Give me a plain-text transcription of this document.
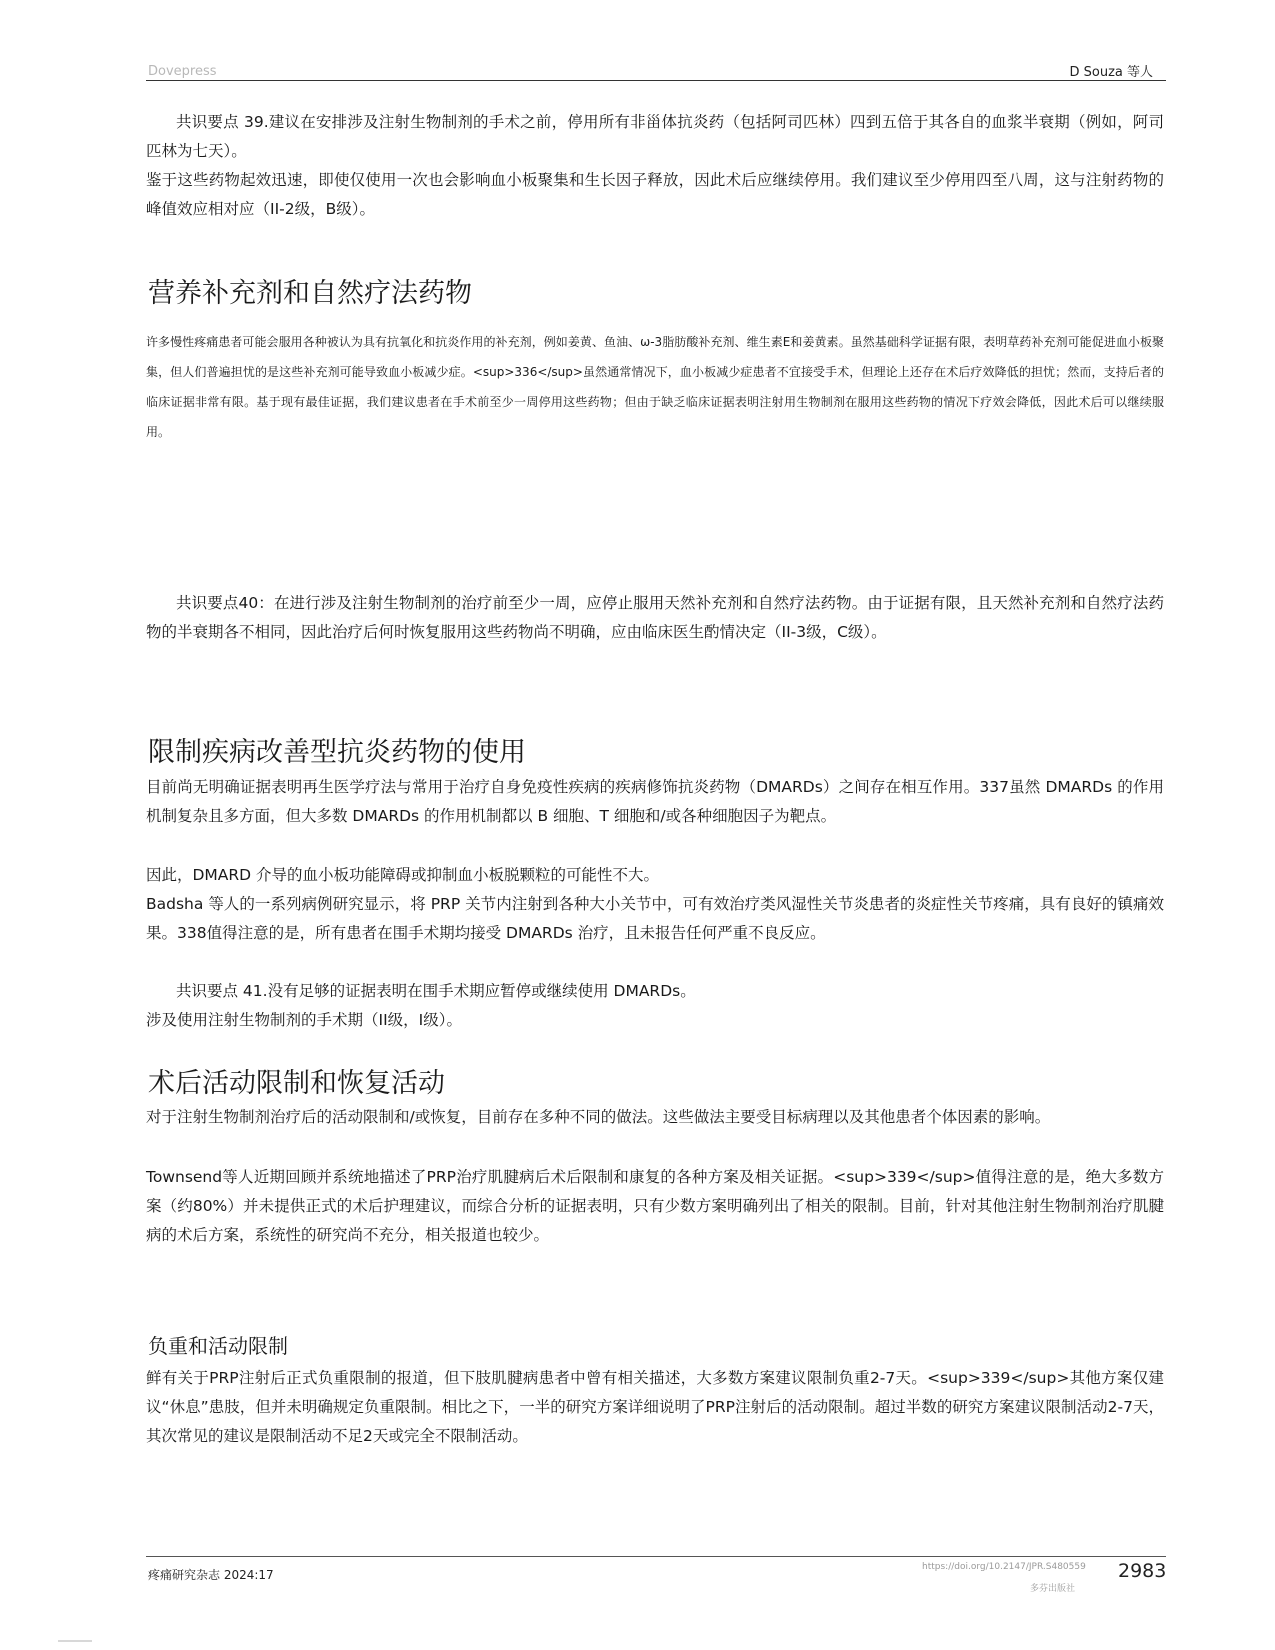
Dovepress	D Souza 等人

共识要点 39.建议在安排涉及注射生物制剂的手术之前，停用所有非甾体抗炎药（包括阿司匹林）四到五倍于其各自的血浆半衰期（例如，阿司匹林为七天）。

鉴于这些药物起效迅速，即使仅使用一次也会影响血小板聚集和生长因子释放，因此术后应继续停用。我们建议至少停用四至八周，这与注射药物的峰值效应相对应（II-2级，B级）。

营养补充剂和自然疗法药物

许多慢性疼痛患者可能会服用各种被认为具有抗氧化和抗炎作用的补充剂，例如姜黄、鱼油、ω-3脂肪酸补充剂、维生素E和姜黄素。虽然基础科学证据有限，表明草药补充剂可能促进血小板聚集，但人们普遍担忧的是这些补充剂可能导致血小板减少症。<sup>336</sup>虽然通常情况下，血小板减少症患者不宜接受手术，但理论上还存在术后疗效降低的担忧；然而，支持后者的临床证据非常有限。基于现有最佳证据，我们建议患者在手术前至少一周停用这些药物；但由于缺乏临床证据表明注射用生物制剂在服用这些药物的情况下疗效会降低，因此术后可以继续服用。

共识要点40：在进行涉及注射生物制剂的治疗前至少一周，应停止服用天然补充剂和自然疗法药物。由于证据有限，且天然补充剂和自然疗法药物的半衰期各不相同，因此治疗后何时恢复服用这些药物尚不明确，应由临床医生酌情决定（II-3级，C级）。

限制疾病改善型抗炎药物的使用

目前尚无明确证据表明再生医学疗法与常用于治疗自身免疫性疾病的疾病修饰抗炎药物（DMARDs）之间存在相互作用。337虽然 DMARDs 的作用机制复杂且多方面，但大多数 DMARDs 的作用机制都以 B 细胞、T 细胞和/或各种细胞因子为靶点。

因此，DMARD 介导的血小板功能障碍或抑制血小板脱颗粒的可能性不大。

Badsha 等人的一系列病例研究显示，将 PRP 关节内注射到各种大小关节中，可有效治疗类风湿性关节炎患者的炎症性关节疼痛，具有良好的镇痛效果。338值得注意的是，所有患者在围手术期均接受 DMARDs 治疗，且未报告任何严重不良反应。

共识要点 41.没有足够的证据表明在围手术期应暂停或继续使用 DMARDs。

涉及使用注射生物制剂的手术期（II级，I级）。

术后活动限制和恢复活动

对于注射生物制剂治疗后的活动限制和/或恢复，目前存在多种不同的做法。这些做法主要受目标病理以及其他患者个体因素的影响。

Townsend等人近期回顾并系统地描述了PRP治疗肌腱病后术后限制和康复的各种方案及相关证据。<sup>339</sup>值得注意的是，绝大多数方案（约80%）并未提供正式的术后护理建议，而综合分析的证据表明，只有少数方案明确列出了相关的限制。目前，针对其他注射生物制剂治疗肌腱病的术后方案，系统性的研究尚不充分，相关报道也较少。

负重和活动限制

鲜有关于PRP注射后正式负重限制的报道，但下肢肌腱病患者中曾有相关描述，大多数方案建议限制负重2-7天。<sup>339</sup>其他方案仅建议“休息”患肢，但并未明确规定负重限制。相比之下，一半的研究方案详细说明了PRP注射后的活动限制。超过半数的研究方案建议限制活动2-7天，其次常见的建议是限制活动不足2天或完全不限制活动。

疼痛研究杂志 2024:17
https://doi.org/10.2147/JPR.S480559
多芬出版社
2983
